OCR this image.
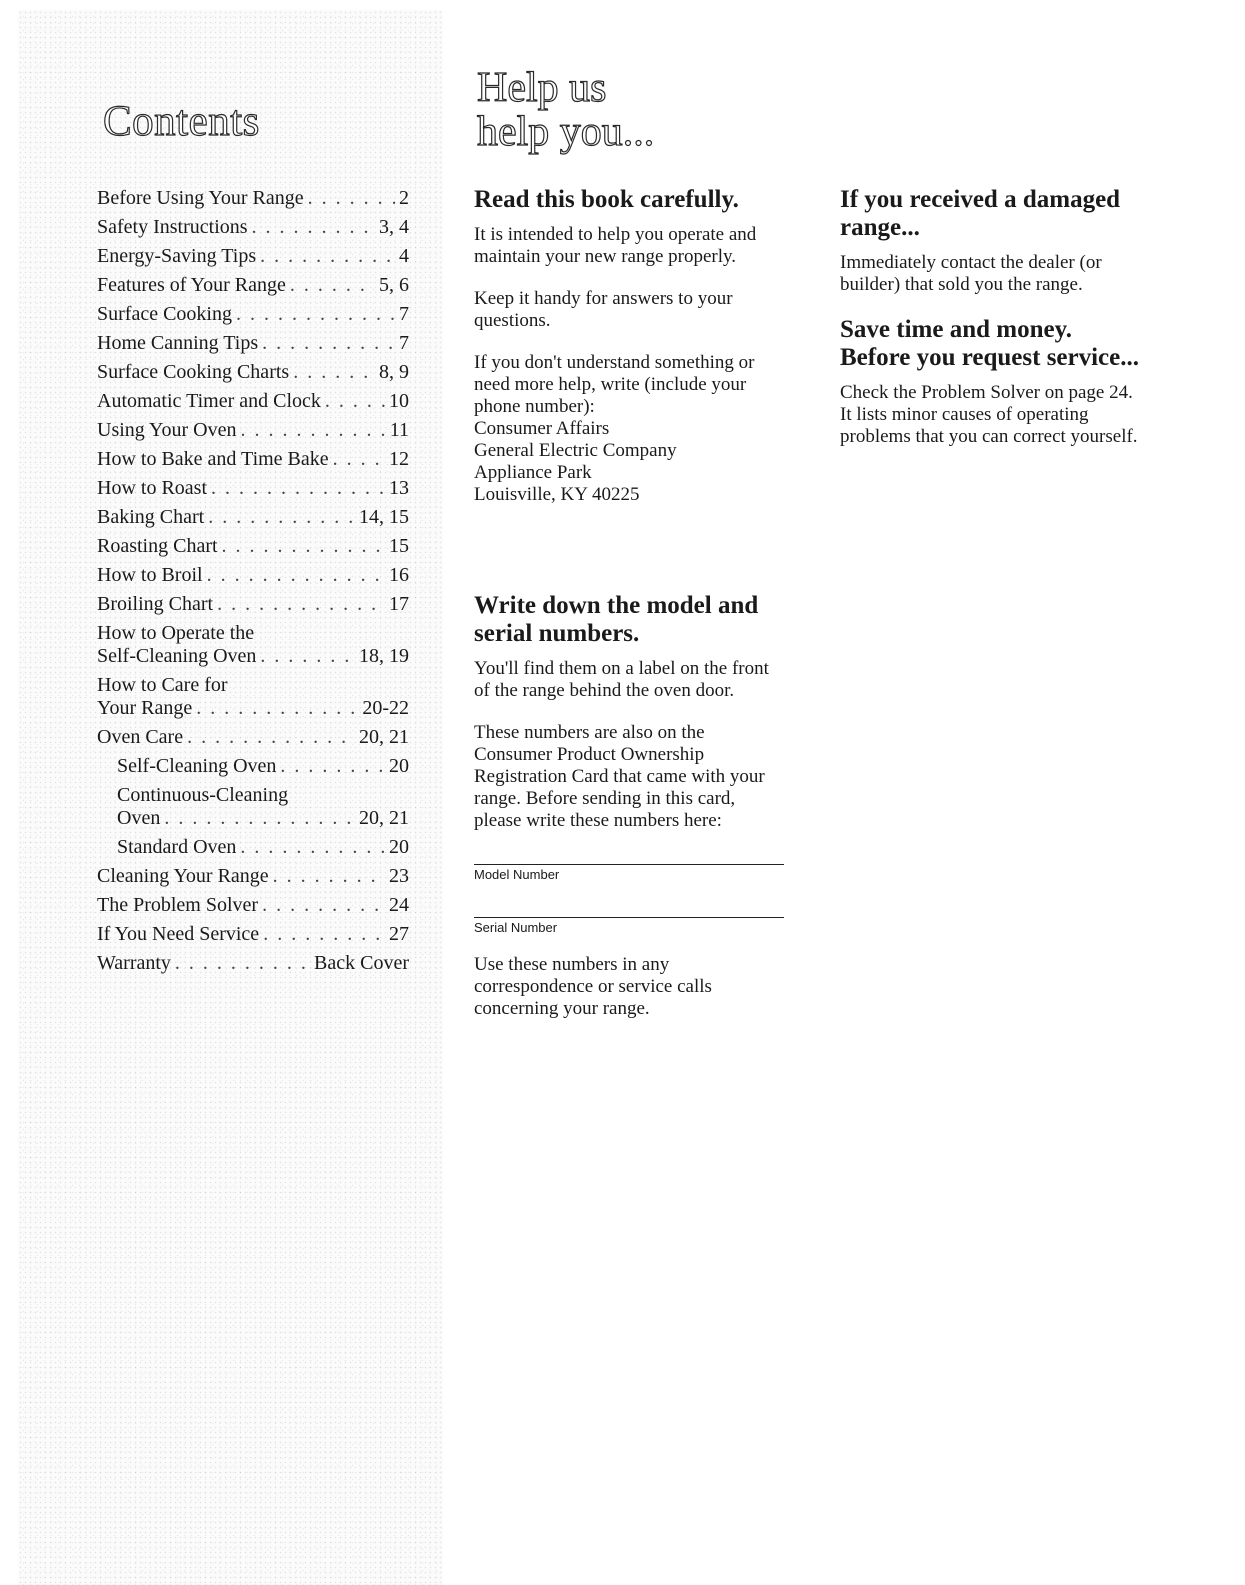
Contents
Before Using Your Range . . .	2
Safety Instructions . . .	3, 4
Energy-Saving Tips . . .	4
Features of Your Range . . .	5, 6
Surface Cooking . . .	7
Home Canning Tips . . .	7
Surface Cooking Charts . . .	8, 9
Automatic Timer and Clock . . .	10
Using Your Oven . . .	11
How to Bake and Time Bake . . .	12
How to Roast . . .	13
Baking Chart . . .	14, 15
Roasting Chart . . .	15
How to Broil . . .	16
Broiling Chart . . .	17
How to Operate the
Self-Cleaning Oven . . .	18, 19
How to Care for
Your Range . . .	20-22
Oven Care . . .	20, 21
Self-Cleaning Oven . . .	20
Continuous-Cleaning
Oven . . .	20, 21
Standard Oven . . .	20
Cleaning Your Range . . .	23
The Problem Solver . . .	24
If You Need Service . . .	27
Warranty . . .	Back Cover
Help us
help you...
Read this book carefully.

It is intended to help you operate and maintain your new range properly.

Keep it handy for answers to your questions.

If you don't understand something or need more help, write (include your phone number):

Consumer Affairs
General Electric Company
Appliance Park
Louisville, KY 40225

Write down the model and serial numbers.

You'll find them on a label on the front of the range behind the oven door.

These numbers are also on the Consumer Product Ownership Registration Card that came with your range. Before sending in this card, please write these numbers here:

Model Number
Serial Number

Use these numbers in any correspondence or service calls concerning your range.

If you received a damaged range...

Immediately contact the dealer (or builder) that sold you the range.

Save time and money. Before you request service...

Check the Problem Solver on page 24. It lists minor causes of operating problems that you can correct yourself.
